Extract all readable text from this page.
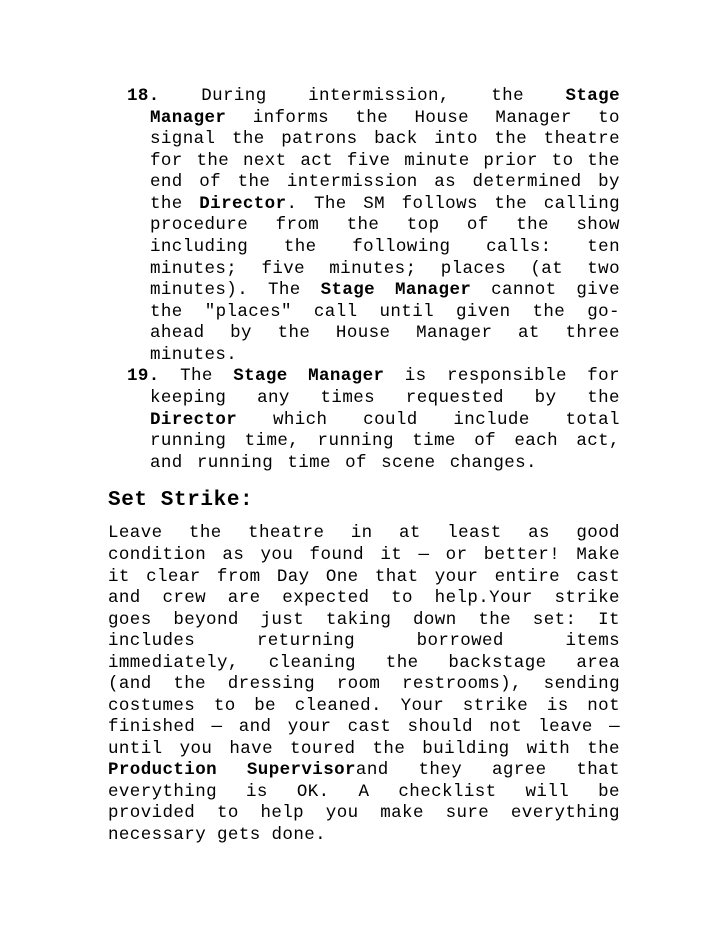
18. During intermission, the Stage
Manager informs the House Manager to
signal the patrons back into the theatre
for the next act five minute prior to the
end of the intermission as determined by
the Director. The SM follows the calling
procedure from the top of the show
including the following calls: ten
minutes; five minutes; places (at two
minutes). The Stage Manager cannot give
the "places" call until given the go-
ahead by the House Manager at three
minutes.
19. The Stage Manager is responsible for
keeping any times requested by the
Director which could include total
running time, running time of each act,
and running time of scene changes.
Set Strike:
Leave the theatre in at least as good
condition as you found it — or better! Make
it clear from Day One that your entire cast
and crew are expected to help.Your strike
goes beyond just taking down the set: It
includes	returning	borrowed	items
immediately, cleaning the backstage area
(and the dressing room restrooms), sending
costumes to be cleaned. Your strike is not
finished — and your cast should not leave —
until you have toured the building with the
Production Supervisorand they agree that
everything is OK. A checklist will be
provided to help you make sure everything
necessary gets done.
